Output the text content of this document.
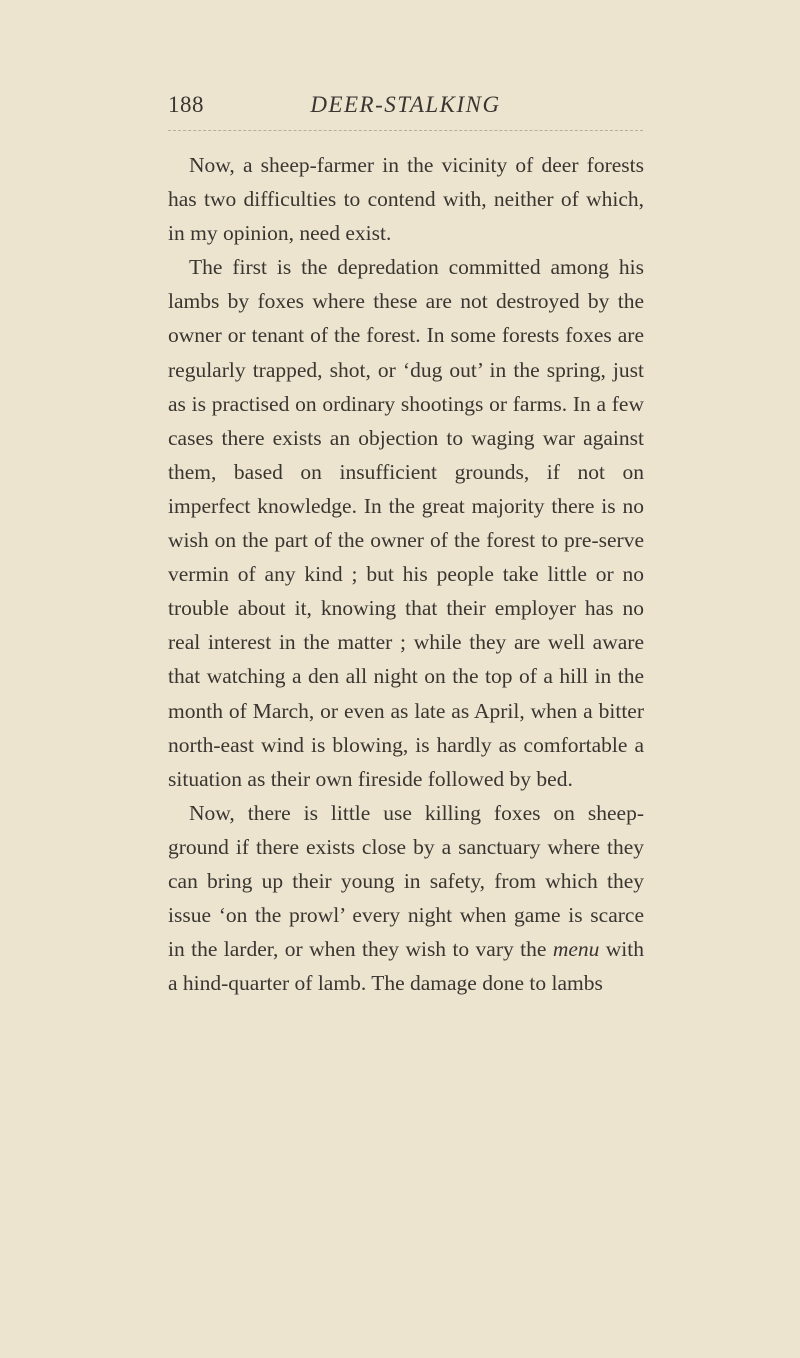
188	DEER-STALKING

Now, a sheep-farmer in the vicinity of deer forests has two difficulties to contend with, neither of which, in my opinion, need exist.

The first is the depredation committed among his lambs by foxes where these are not destroyed by the owner or tenant of the forest. In some forests foxes are regularly trapped, shot, or ‘dug out’ in the spring, just as is practised on ordinary shootings or farms. In a few cases there exists an objection to waging war against them, based on insufficient grounds, if not on imperfect knowledge. In the great majority there is no wish on the part of the owner of the forest to pre-serve vermin of any kind ; but his people take little or no trouble about it, knowing that their employer has no real interest in the matter ; while they are well aware that watching a den all night on the top of a hill in the month of March, or even as late as April, when a bitter north-east wind is blowing, is hardly as comfortable a situation as their own fireside followed by bed.

Now, there is little use killing foxes on sheep-ground if there exists close by a sanctuary where they can bring up their young in safety, from which they issue ‘on the prowl’ every night when game is scarce in the larder, or when they wish to vary the menu with a hind-quarter of lamb. The damage done to lambs
